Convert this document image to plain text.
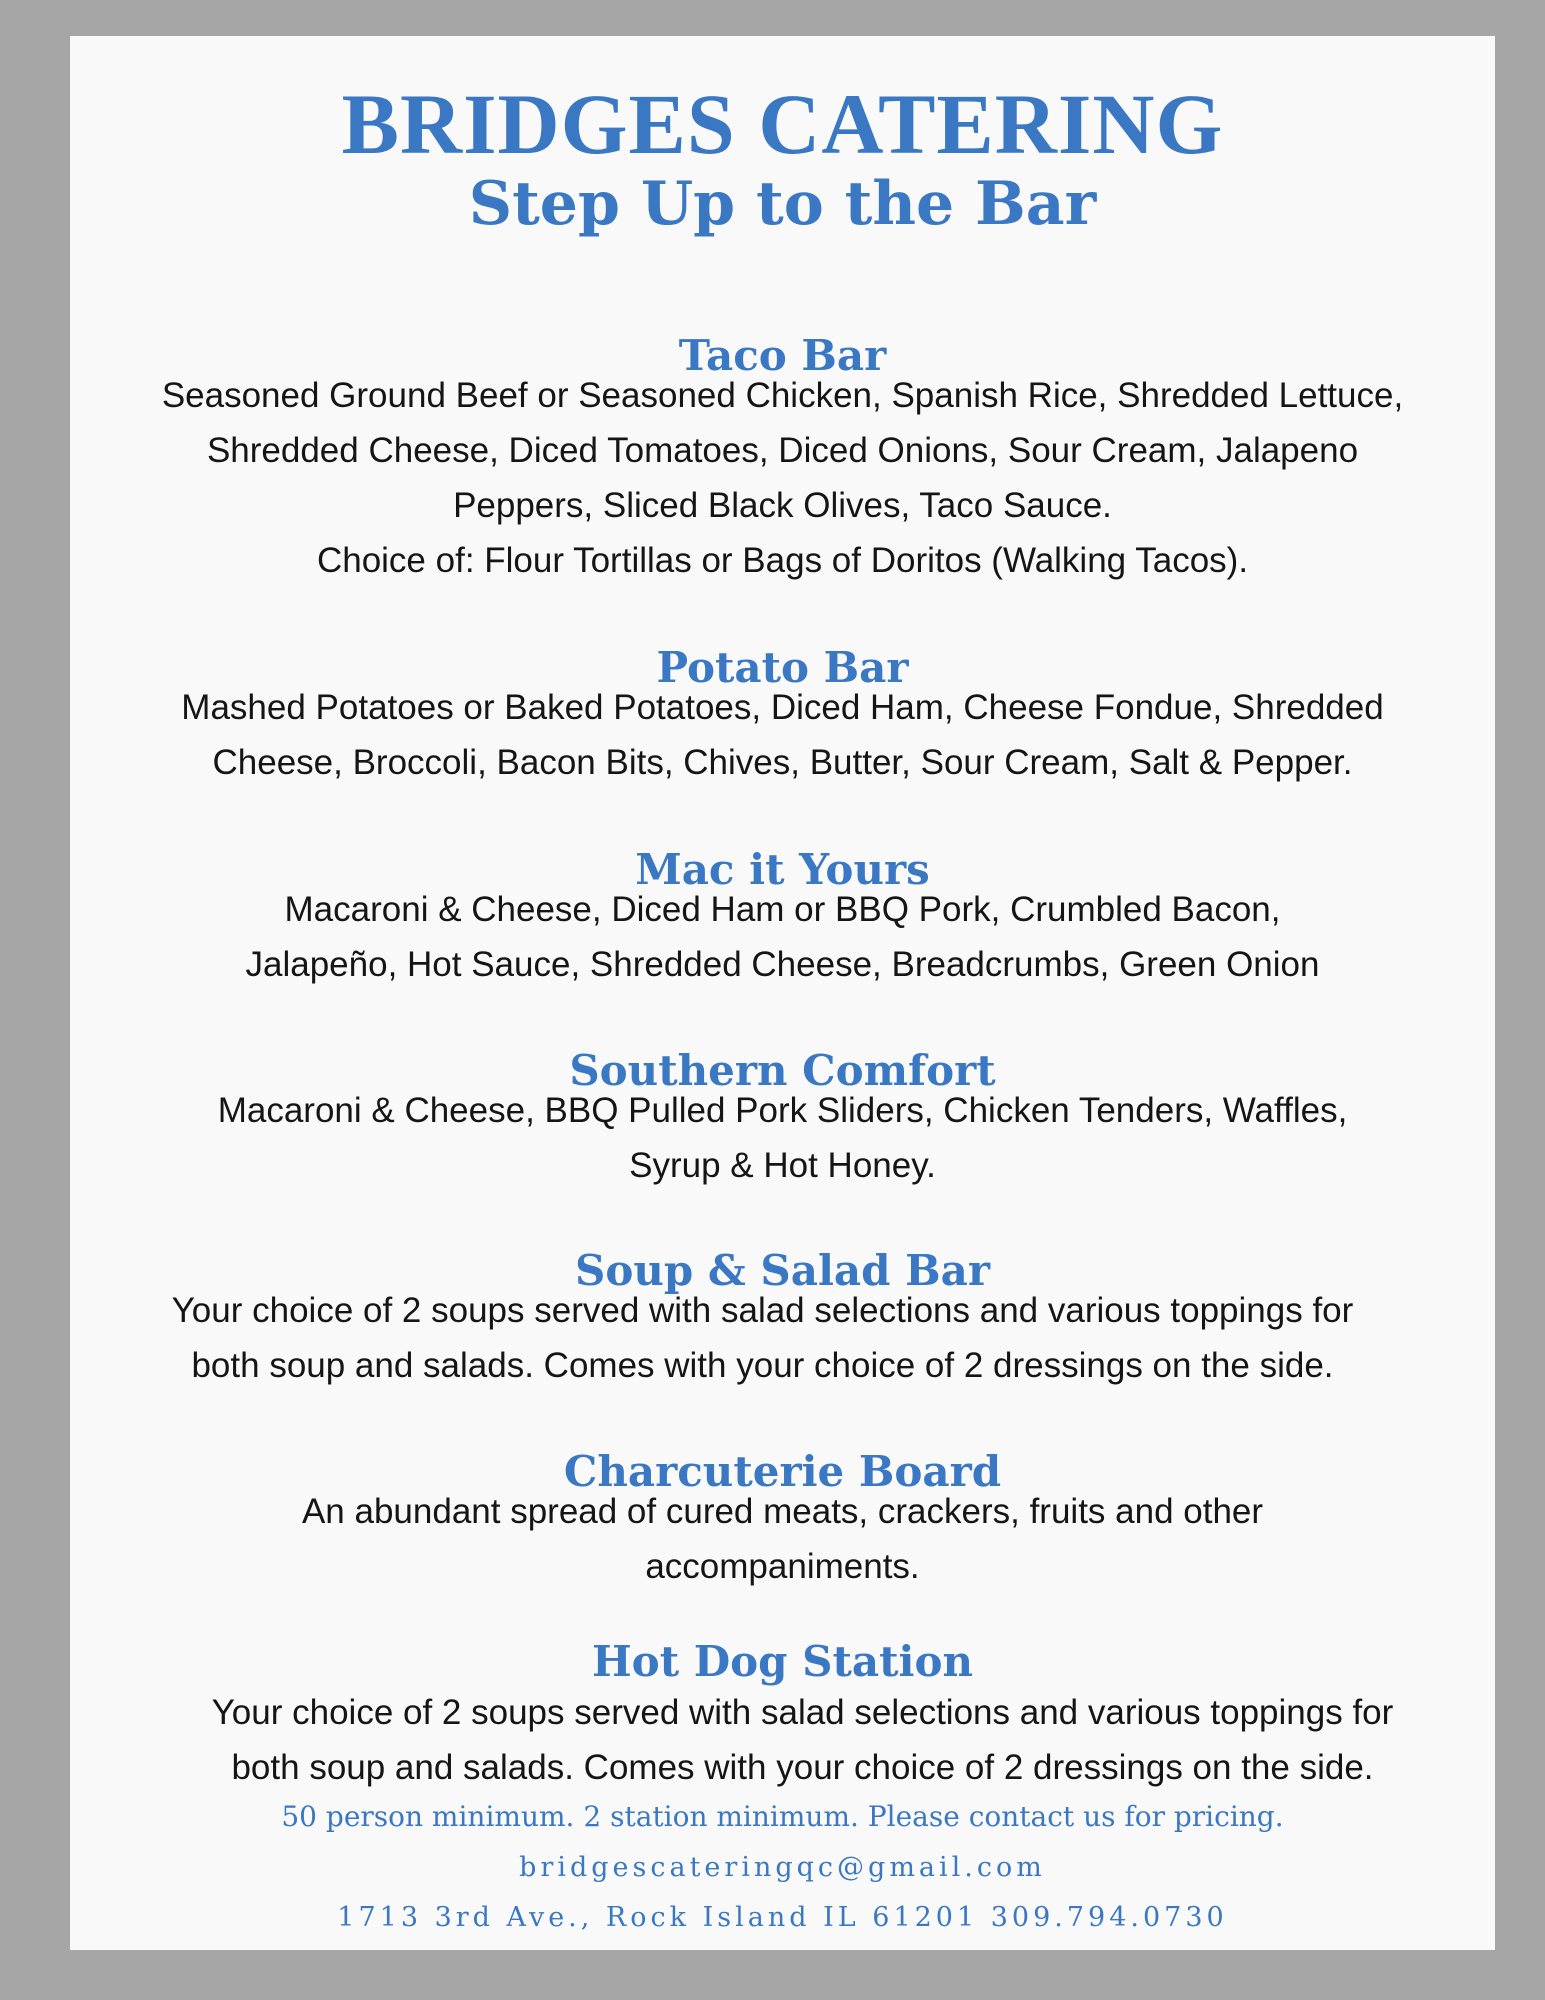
BRIDGES CATERING
Step Up to the Bar
Taco Bar
Seasoned Ground Beef or Seasoned Chicken, Spanish Rice, Shredded Lettuce,
Shredded Cheese, Diced Tomatoes, Diced Onions, Sour Cream, Jalapeno
Peppers, Sliced Black Olives, Taco Sauce.
Choice of: Flour Tortillas or Bags of Doritos (Walking Tacos).
Potato Bar
Mashed Potatoes or Baked Potatoes, Diced Ham, Cheese Fondue, Shredded
Cheese, Broccoli, Bacon Bits, Chives, Butter, Sour Cream, Salt & Pepper.
Mac it Yours
Macaroni & Cheese, Diced Ham or BBQ Pork, Crumbled Bacon,
Jalapeño, Hot Sauce, Shredded Cheese, Breadcrumbs, Green Onion
Southern Comfort
Macaroni & Cheese, BBQ Pulled Pork Sliders, Chicken Tenders, Waffles,
Syrup & Hot Honey.
Soup & Salad Bar
Your choice of 2 soups served with salad selections and various toppings for
both soup and salads. Comes with your choice of 2 dressings on the side.
Charcuterie Board
An abundant spread of cured meats, crackers, fruits and other
accompaniments.
Hot Dog Station
Your choice of 2 soups served with salad selections and various toppings for
both soup and salads. Comes with your choice of 2 dressings on the side.
50 person minimum. 2 station minimum. Please contact us for pricing.
bridgescateringqc@gmail.com
1713 3rd Ave., Rock Island IL 61201 309.794.0730
